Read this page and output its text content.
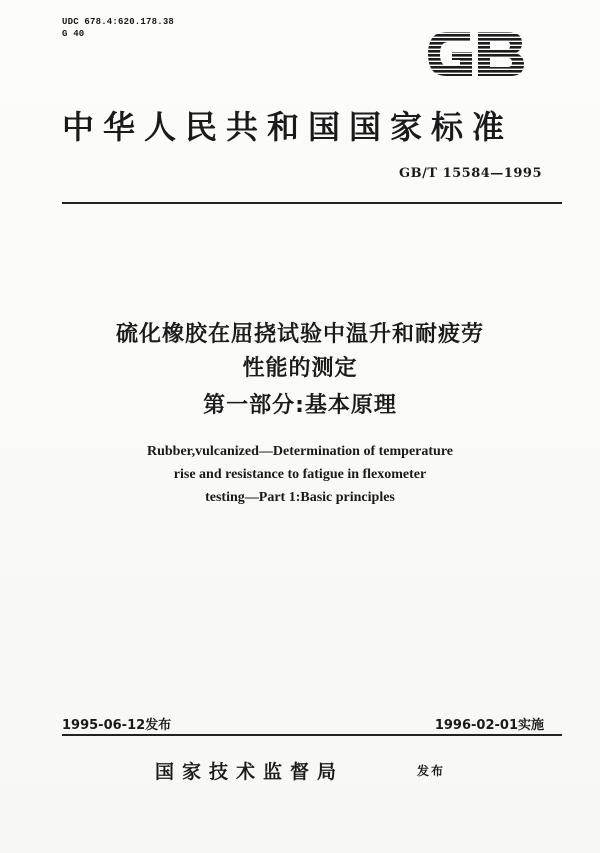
UDC 678.4:620.178.38
G 40
GB
中华人民共和国国家标准
GB/T 15584—1995
硫化橡胶在屈挠试验中温升和耐疲劳
性能的测定
第一部分:基本原理
Rubber,vulcanized—Determination of temperature
rise and resistance to fatigue in flexometer
testing—Part 1:Basic principles
1995-06-12发布	1996-02-01实施
国家技术监督局	发布
